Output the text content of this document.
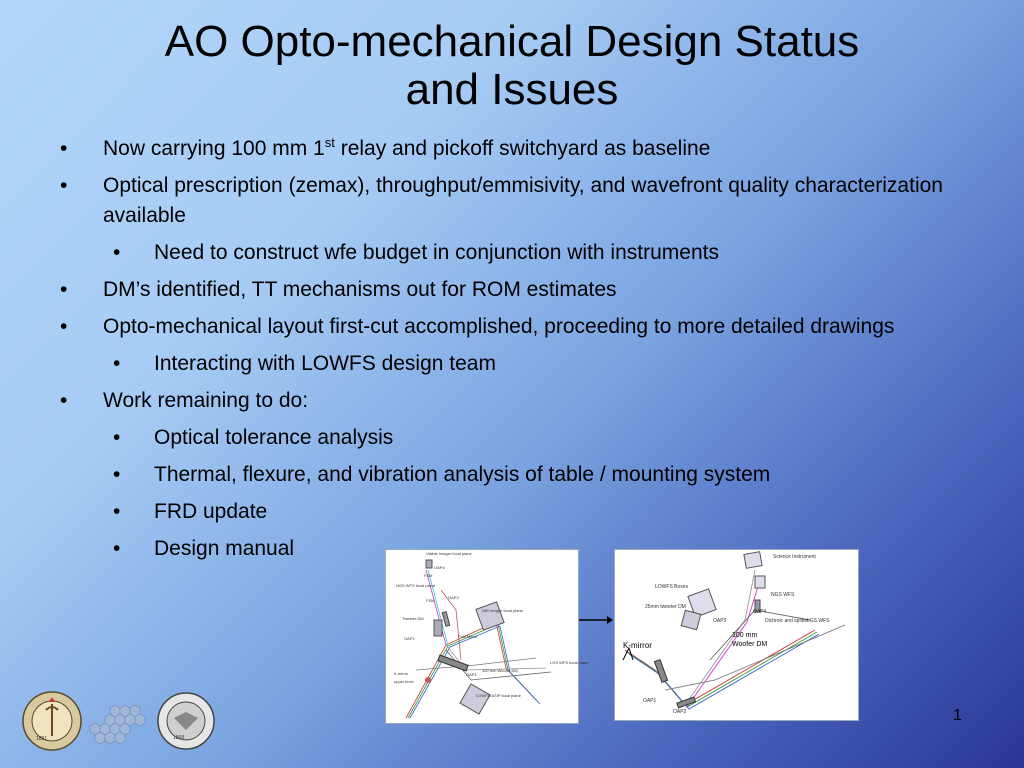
AO Opto-mechanical Design Status
and Issues
• Now carrying 100 mm 1st relay and pickoff switchyard as baseline
• Optical prescription (zemax), throughput/emmisivity, and wavefront quality characterization available
• Need to construct wfe budget in conjunction with instruments
• DM’s identified, TT mechanisms out for ROM estimates
• Opto-mechanical layout first-cut accomplished, proceeding to more detailed drawings
• Interacting with LOWFS design team
• Work remaining to do:
• Optical tolerance analysis
• Thermal, flexure, and vibration analysis of table / mounting system
• FRD update
• Design manual	Visible Imager focal plane
OAP4
FSM
NGS WFS focal plane
FSM
OAP3
NIR Imager focal plane
Tweeter DM
OAP2	Fold Mirror
K-mirror
100 mm Woofer DM
LGS WFS focal plane
OAP1
upper level
LOWFS/ASIP focal plane
Science Instrument
LOWFS Boxes
NGS WFS
25mm tweeter DM
OAP4
OAP3	Dichroic and splitter
LGS WFS
100 mm
Woofer DM
K-mirror
OAP1
OAP2
1891	1868
1
